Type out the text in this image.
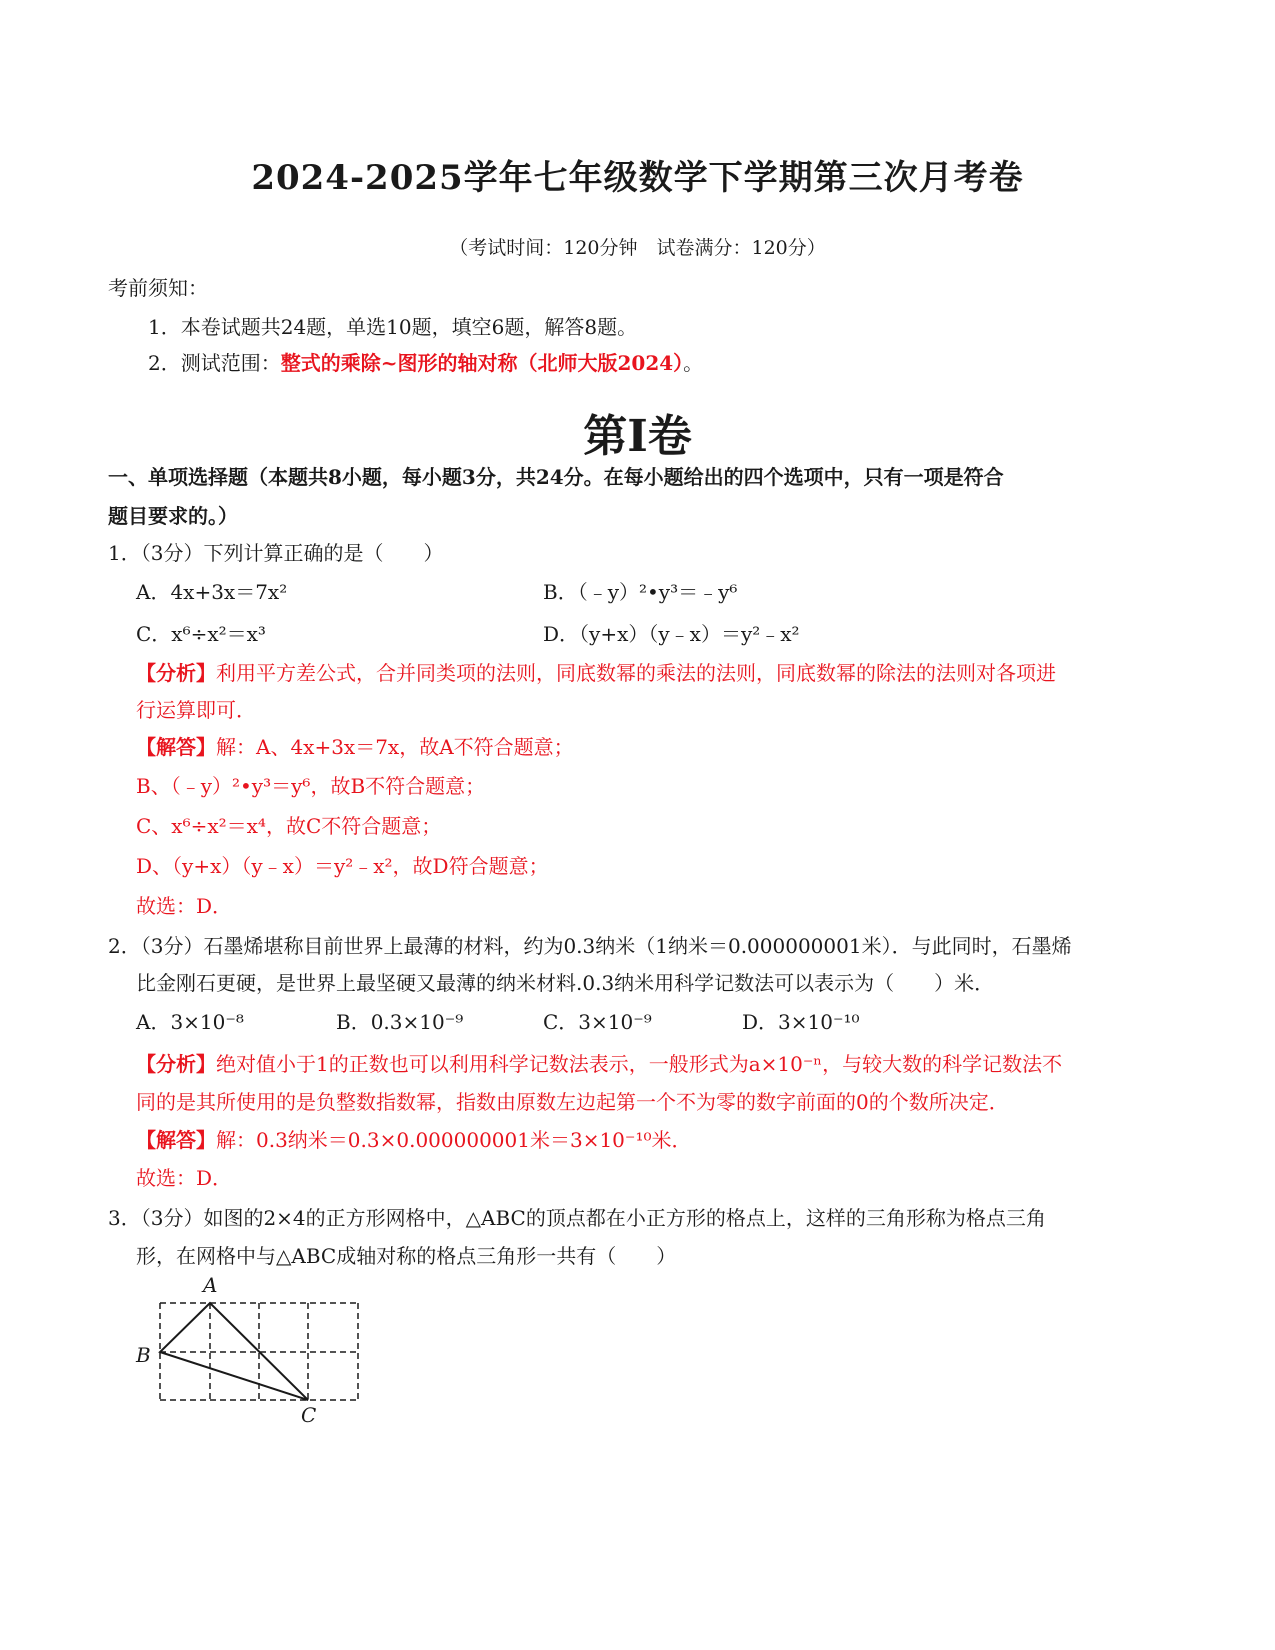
2024-2025学年七年级数学下学期第三次月考卷
（考试时间：120分钟　试卷满分：120分）
考前须知：
1．本卷试题共24题，单选10题，填空6题，解答8题。
2．测试范围：整式的乘除~图形的轴对称（北师大版2024）。
第Ⅰ卷
一、单项选择题（本题共8小题，每小题3分，共24分。在每小题给出的四个选项中，只有一项是符合
题目要求的。）
1．（3分）下列计算正确的是（　　）
A．4x+3x＝7x²	B．（﹣y）²•y³＝﹣y⁶
C．x⁶÷x²＝x³	D．（y+x）（y﹣x）＝y²﹣x²
【分析】利用平方差公式，合并同类项的法则，同底数幂的乘法的法则，同底数幂的除法的法则对各项进
行运算即可．
【解答】解：A、4x+3x＝7x，故A不符合题意；
B、（﹣y）²•y³＝y⁶，故B不符合题意；
C、x⁶÷x²＝x⁴，故C不符合题意；
D、（y+x）（y﹣x）＝y²﹣x²，故D符合题意；
故选：D．
2．（3分）石墨烯堪称目前世界上最薄的材料，约为0.3纳米（1纳米＝0.000000001米）．与此同时，石墨烯
比金刚石更硬，是世界上最坚硬又最薄的纳米材料.0.3纳米用科学记数法可以表示为（　　）米．
A．3×10⁻⁸	B．0.3×10⁻⁹	C．3×10⁻⁹	D．3×10⁻¹⁰
【分析】绝对值小于1的正数也可以利用科学记数法表示，一般形式为a×10⁻ⁿ，与较大数的科学记数法不
同的是其所使用的是负整数指数幂，指数由原数左边起第一个不为零的数字前面的0的个数所决定．
【解答】解：0.3纳米＝0.3×0.000000001米＝3×10⁻¹⁰米．
故选：D．
3．（3分）如图的2×4的正方形网格中，△ABC的顶点都在小正方形的格点上，这样的三角形称为格点三角
形，在网格中与△ABC成轴对称的格点三角形一共有（　　）
A
B
C
